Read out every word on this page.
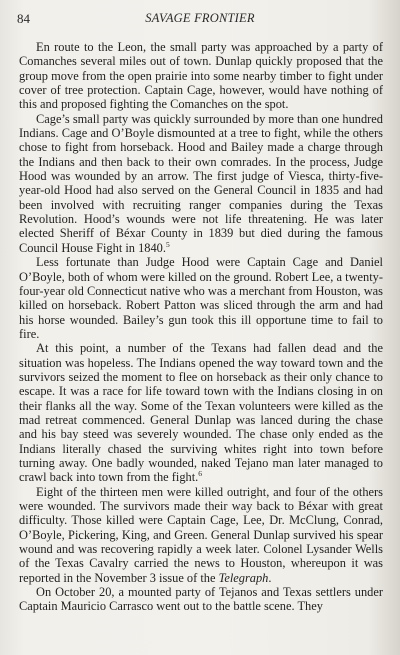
84	SAVAGE FRONTIER

En route to the Leon, the small party was approached by a party of Comanches several miles out of town. Dunlap quickly proposed that the group move from the open prairie into some nearby timber to fight under cover of tree protection. Captain Cage, however, would have nothing of this and proposed fighting the Comanches on the spot.

Cage’s small party was quickly surrounded by more than one hundred Indians. Cage and O’Boyle dismounted at a tree to fight, while the others chose to fight from horseback. Hood and Bailey made a charge through the Indians and then back to their own comrades. In the process, Judge Hood was wounded by an arrow. The first judge of Viesca, thirty-five-year-old Hood had also served on the General Council in 1835 and had been involved with recruiting ranger companies during the Texas Revolution. Hood’s wounds were not life threatening. He was later elected Sheriff of Béxar County in 1839 but died during the famous Council House Fight in 1840.$^5$

Less fortunate than Judge Hood were Captain Cage and Daniel O’Boyle, both of whom were killed on the ground. Robert Lee, a twenty-four-year old Connecticut native who was a merchant from Houston, was killed on horseback. Robert Patton was sliced through the arm and had his horse wounded. Bailey’s gun took this ill opportune time to fail to fire.

At this point, a number of the Texans had fallen dead and the situation was hopeless. The Indians opened the way toward town and the survivors seized the moment to flee on horseback as their only chance to escape. It was a race for life toward town with the Indians closing in on their flanks all the way. Some of the Texan volunteers were killed as the mad retreat commenced. General Dunlap was lanced during the chase and his bay steed was severely wounded. The chase only ended as the Indians literally chased the surviving whites right into town before turning away. One badly wounded, naked Tejano man later managed to crawl back into town from the fight.$^6$

Eight of the thirteen men were killed outright, and four of the others were wounded. The survivors made their way back to Béxar with great difficulty. Those killed were Captain Cage, Lee, Dr. McClung, Conrad, O’Boyle, Pickering, King, and Green. General Dunlap survived his spear wound and was recovering rapidly a week later. Colonel Lysander Wells of the Texas Cavalry carried the news to Houston, whereupon it was reported in the November 3 issue of the Telegraph.

On October 20, a mounted party of Tejanos and Texas settlers under Captain Mauricio Carrasco went out to the battle scene. They
